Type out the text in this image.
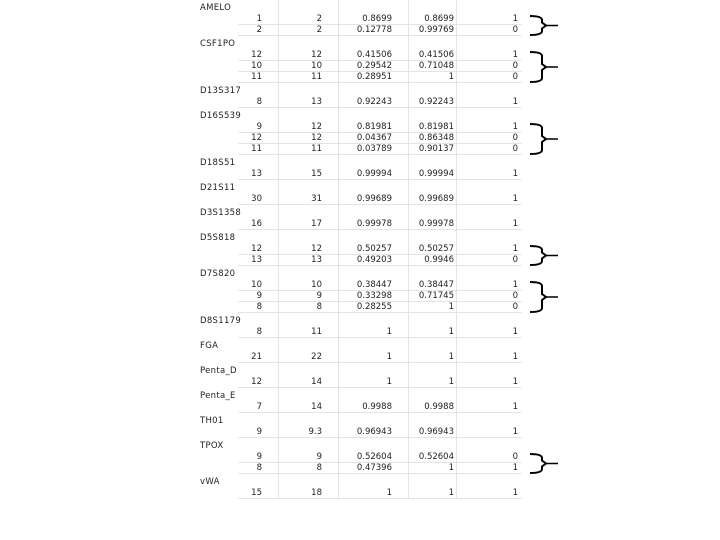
AMELO
1	2	0.8699	0.8699	1
2	2	0.12778	0.99769	0
CSF1PO
12	12	0.41506	0.41506	1
10	10	0.29542	0.71048	0
11	11	0.28951	1	0
D13S317
8	13	0.92243	0.92243	1
D16S539
9	12	0.81981	0.81981	1
12	12	0.04367	0.86348	0
11	11	0.03789	0.90137	0
D18S51
13	15	0.99994	0.99994	1
D21S11
30	31	0.99689	0.99689	1
D3S1358
16	17	0.99978	0.99978	1
D5S818
12	12	0.50257	0.50257	1
13	13	0.49203	0.9946	0
D7S820
10	10	0.38447	0.38447	1
9	9	0.33298	0.71745	0
8	8	0.28255	1	0
D8S1179
8	11	1	1	1
FGA
21	22	1	1	1
Penta_D
12	14	1	1	1
Penta_E
7	14	0.9988	0.9988	1
TH01
9	9.3	0.96943	0.96943	1
TPOX
9	9	0.52604	0.52604	0
8	8	0.47396	1	1
vWA
15	18	1	1	1
